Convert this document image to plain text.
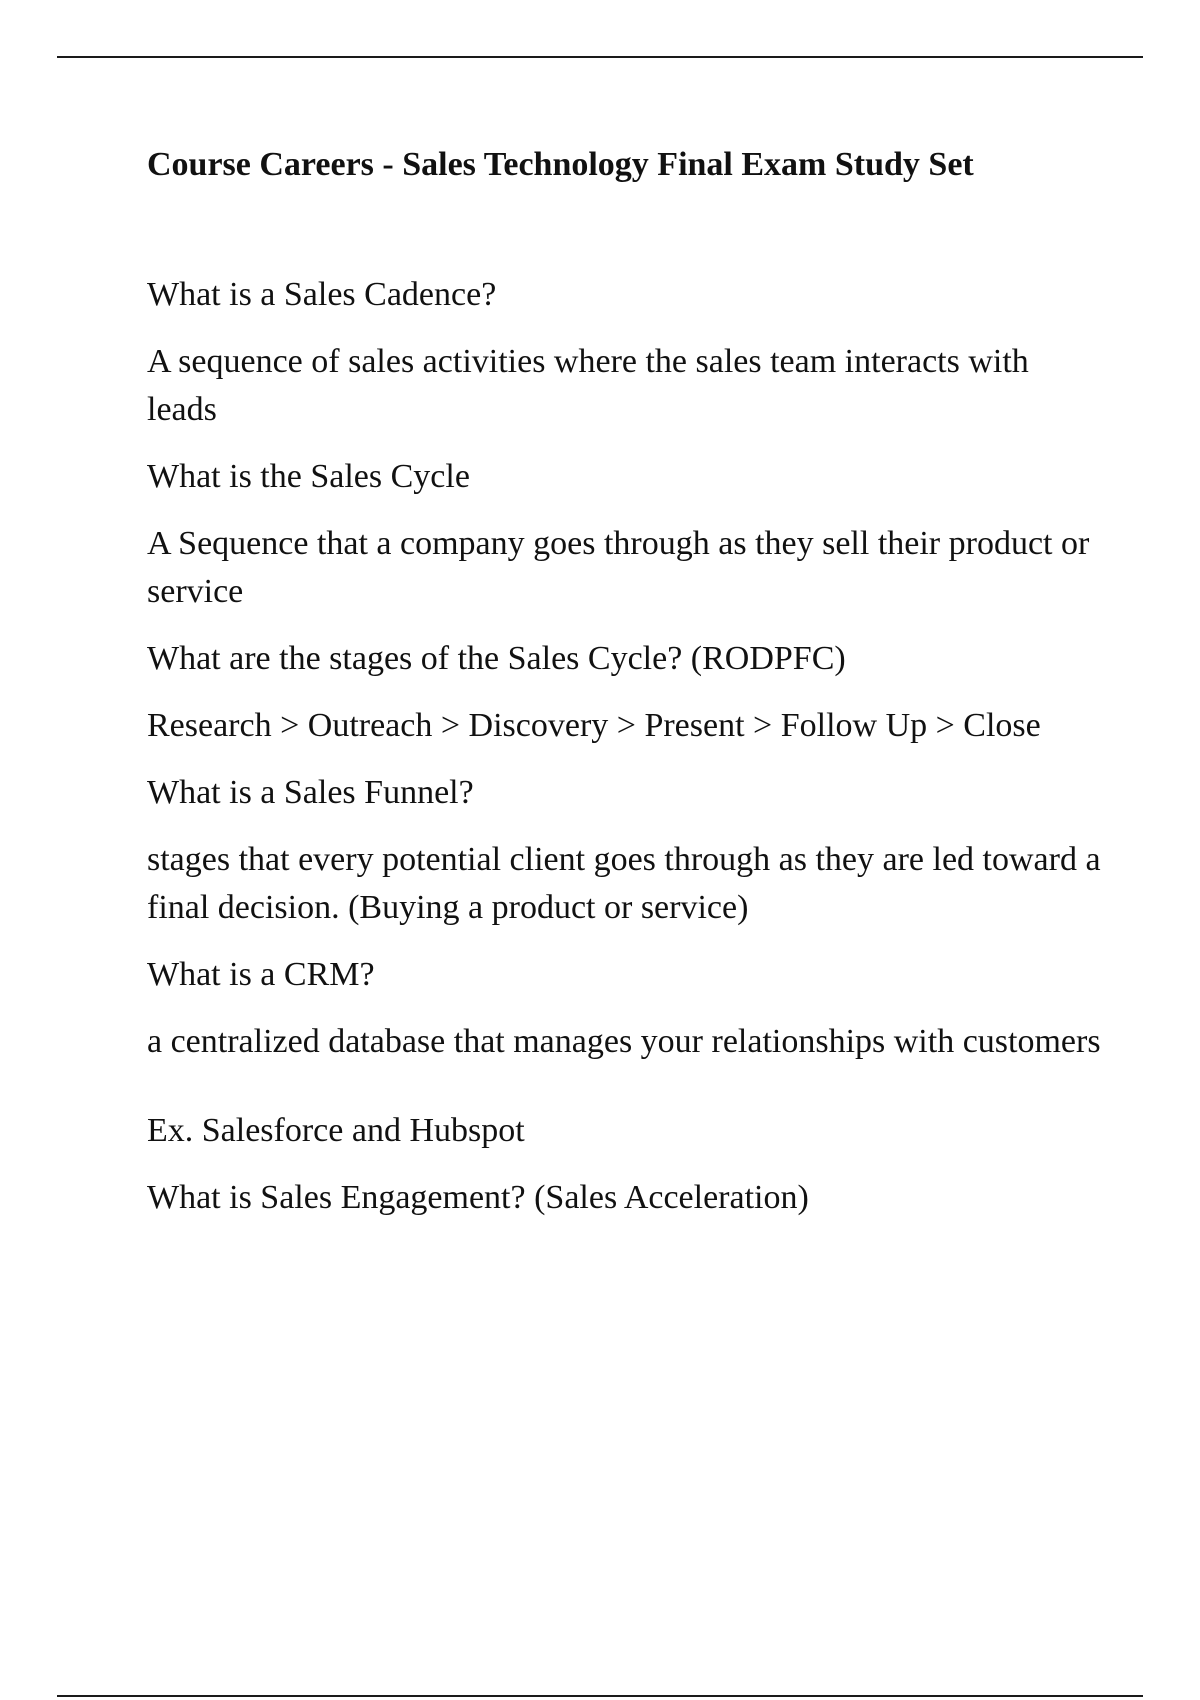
Course Careers - Sales Technology Final Exam Study Set

What is a Sales Cadence?

A sequence of sales activities where the sales team interacts with leads

What is the Sales Cycle

A Sequence that a company goes through as they sell their product or service

What are the stages of the Sales Cycle? (RODPFC)

Research > Outreach > Discovery > Present > Follow Up > Close

What is a Sales Funnel?

stages that every potential client goes through as they are led toward a final decision. (Buying a product or service)

What is a CRM?

a centralized database that manages your relationships with customers

Ex. Salesforce and Hubspot

What is Sales Engagement? (Sales Acceleration)
